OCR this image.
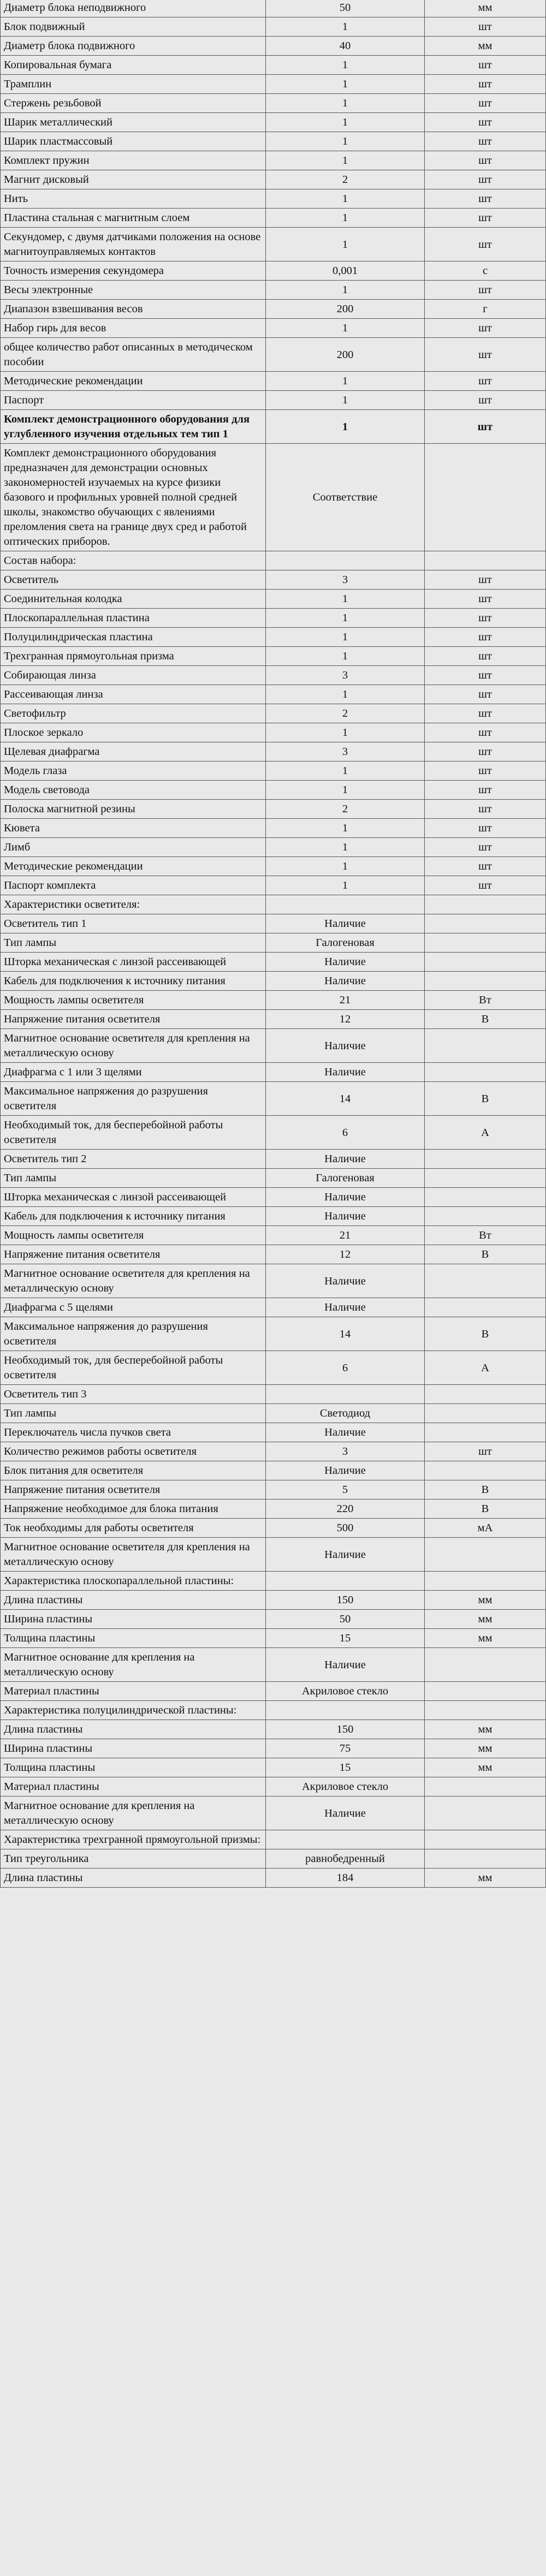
Диаметр блока неподвижного	50	мм
Блок подвижный	1	шт
Диаметр блока подвижного	40	мм
Копировальная бумага	1	шт
Трамплин	1	шт
Стержень резьбовой	1	шт
Шарик металлический	1	шт
Шарик пластмассовый	1	шт
Комплект пружин	1	шт
Магнит дисковый	2	шт
Нить	1	шт
Пластина стальная с магнитным слоем	1	шт
Секундомер, с двумя датчиками положения на основе магнитоуправляемых контактов	1	шт
Точность измерения секундомера	0,001	с
Весы электронные	1	шт
Диапазон взвешивания весов	200	г
Набор гирь для весов	1	шт
общее количество работ описанных в методическом пособии	200	шт
Методические рекомендации	1	шт
Паспорт	1	шт
Комплект демонстрационного оборудования для углубленного изучения отдельных тем тип 1	1	шт
Комплект демонстрационного оборудования предназначен для демонстрации основных закономерностей изучаемых на курсе физики базового и профильных уровней полной средней школы, знакомство обучающих с явлениями преломления света на границе двух сред и работой оптических приборов.	Соответствие	
Состав набора:		
Осветитель	3	шт
Соединительная колодка	1	шт
Плоскопараллельная пластина	1	шт
Полуцилиндрическая пластина	1	шт
Трехгранная прямоугольная призма	1	шт
Собирающая линза	3	шт
Рассеивающая линза	1	шт
Светофильтр	2	шт
Плоское зеркало	1	шт
Щелевая диафрагма	3	шт
Модель глаза	1	шт
Модель световода	1	шт
Полоска магнитной резины	2	шт
Кювета	1	шт
Лимб	1	шт
Методические рекомендации	1	шт
Паспорт комплекта	1	шт
Характеристики осветителя:		
Осветитель тип 1	Наличие	
Тип лампы	Галогеновая	
Шторка механическая с линзой рассеивающей	Наличие	
Кабель для подключения к источнику питания	Наличие	
Мощность лампы осветителя	21	Вт
Напряжение питания осветителя	12	В
Магнитное основание осветителя для крепления на металлическую основу	Наличие	
Диафрагма с 1 или 3 щелями	Наличие	
Максимальное напряжения до разрушения осветителя	14	В
Необходимый ток, для бесперебойной работы осветителя	6	А
Осветитель тип 2	Наличие	
Тип лампы	Галогеновая	
Шторка механическая с линзой рассеивающей	Наличие	
Кабель для подключения к источнику питания	Наличие	
Мощность лампы осветителя	21	Вт
Напряжение питания осветителя	12	В
Магнитное основание осветителя для крепления на металлическую основу	Наличие	
Диафрагма с 5 щелями	Наличие	
Максимальное напряжения до разрушения осветителя	14	В
Необходимый ток, для бесперебойной работы осветителя	6	А
Осветитель тип 3		
Тип лампы	Светодиод	
Переключатель числа пучков света	Наличие	
Количество режимов работы осветителя	3	шт
Блок питания для осветителя	Наличие	
Напряжение питания осветителя	5	В
Напряжение необходимое для блока питания	220	В
Ток необходимы для работы осветителя	500	мА
Магнитное основание осветителя для крепления на металлическую основу	Наличие	
Характеристика плоскопараллельной пластины:		
Длина пластины	150	мм
Ширина пластины	50	мм
Толщина пластины	15	мм
Магнитное основание для крепления на металлическую основу	Наличие	
Материал пластины	Акриловое стекло	
Характеристика полуцилиндрической пластины:		
Длина пластины	150	мм
Ширина пластины	75	мм
Толщина пластины	15	мм
Материал пластины	Акриловое стекло	
Магнитное основание для крепления на металлическую основу	Наличие	
Характеристика трехгранной прямоугольной призмы:		
Тип треугольника	равнобедренный	
Длина пластины	184	мм
